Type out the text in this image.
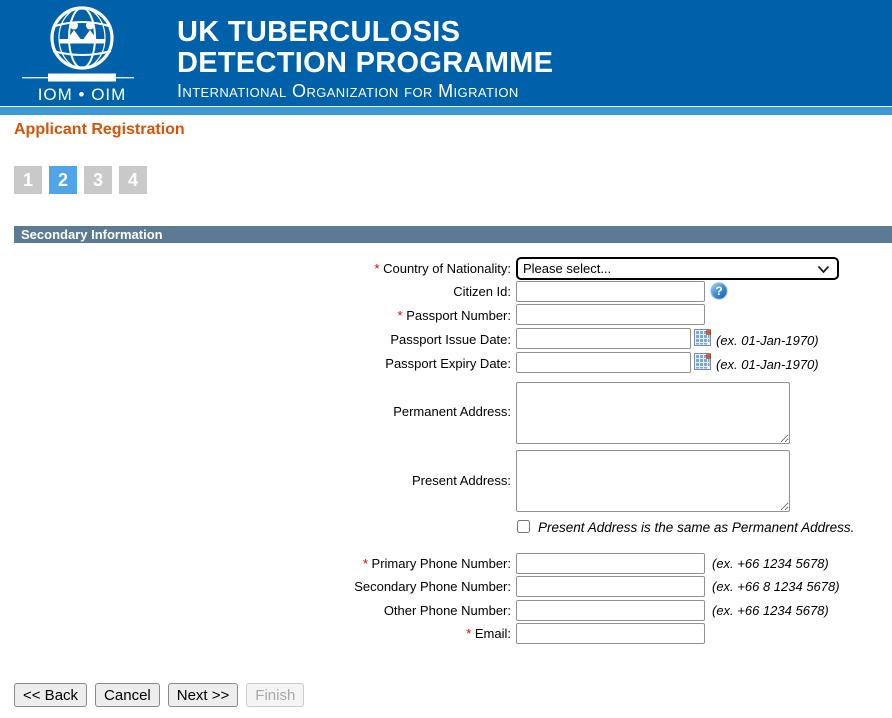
IOM • OIM
UK TUBERCULOSIS
DETECTION PROGRAMME
International Organization for Migration
Applicant Registration
1	2	3	4
Secondary Information
* Country of Nationality: Please select...
Citizen Id:	?
* Passport Number:
Passport Issue Date:	(ex. 01-Jan-1970)
Passport Expiry Date:	(ex. 01-Jan-1970)
Permanent Address:
Present Address:
Present Address is the same as Permanent Address.
* Primary Phone Number:	(ex. +66 1234 5678)
Secondary Phone Number:	(ex. +66 8 1234 5678)
Other Phone Number:	(ex. +66 1234 5678)
* Email:
<< Back	Cancel	Next >>	Finish
